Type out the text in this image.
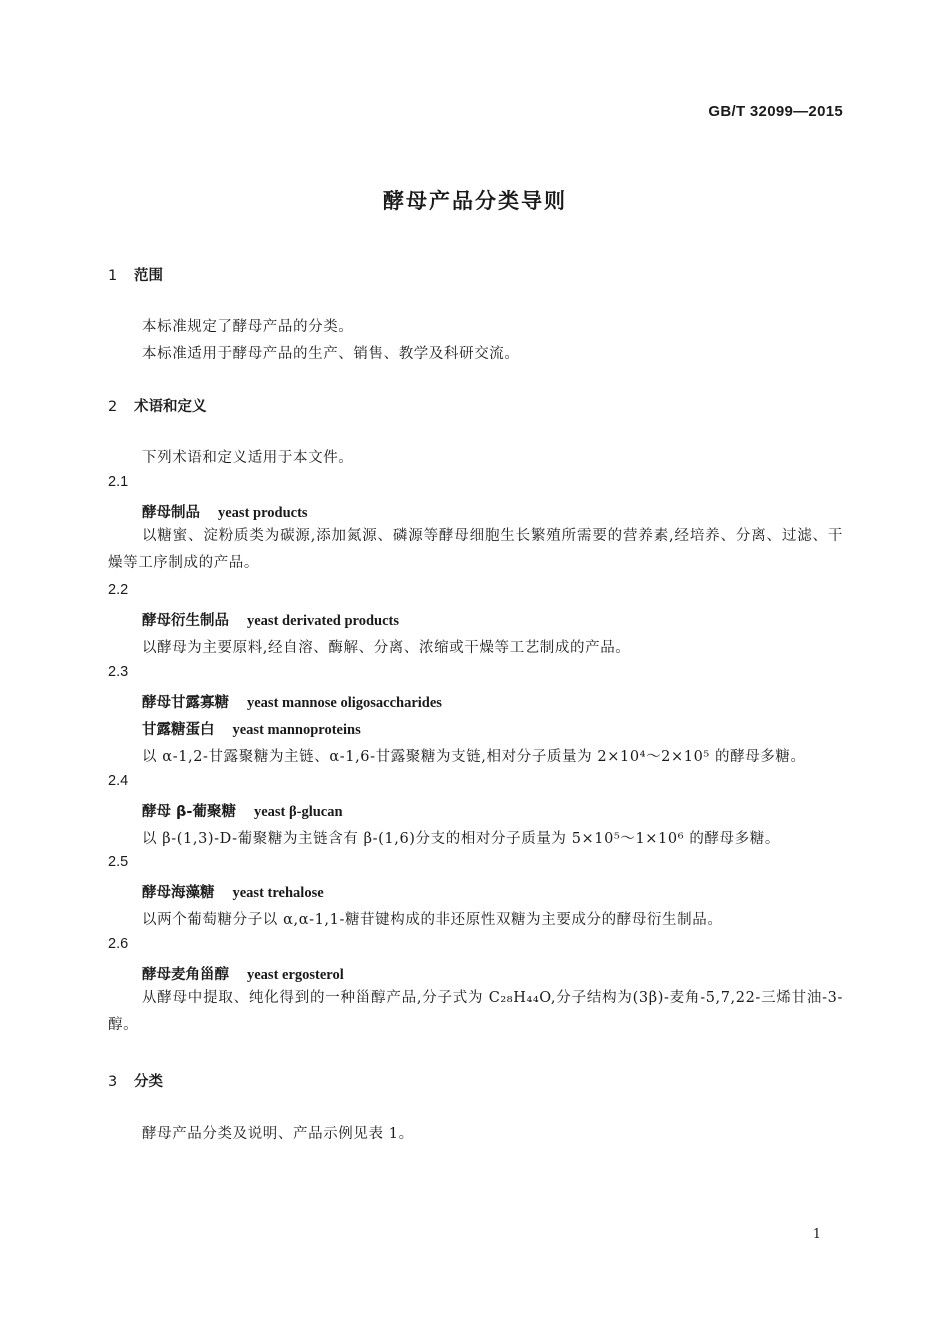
GB/T 32099—2015
酵母产品分类导则
1 范围
本标准规定了酵母产品的分类。
本标准适用于酵母产品的生产、销售、教学及科研交流。
2 术语和定义
下列术语和定义适用于本文件。
2.1
酵母制品 yeast products
以糖蜜、淀粉质类为碳源,添加氮源、磷源等酵母细胞生长繁殖所需要的营养素,经培养、分离、过滤、干燥等工序制成的产品。
2.2
酵母衍生制品 yeast derivated products
以酵母为主要原料,经自溶、酶解、分离、浓缩或干燥等工艺制成的产品。
2.3
酵母甘露寡糖 yeast mannose oligosaccharides
甘露糖蛋白 yeast mannoproteins
以 α-1,2-甘露聚糖为主链、α-1,6-甘露聚糖为支链,相对分子质量为 2×10⁴～2×10⁵ 的酵母多糖。
2.4
酵母 β-葡聚糖 yeast β-glucan
以 β-(1,3)-D-葡聚糖为主链含有 β-(1,6)分支的相对分子质量为 5×10⁵～1×10⁶ 的酵母多糖。
2.5
酵母海藻糖 yeast trehalose
以两个葡萄糖分子以 α,α-1,1-糖苷键构成的非还原性双糖为主要成分的酵母衍生制品。
2.6
酵母麦角甾醇 yeast ergosterol
从酵母中提取、纯化得到的一种甾醇产品,分子式为 C₂₈H₄₄O,分子结构为(3β)-麦角-5,7,22-三烯甘油-3-醇。
3 分类
酵母产品分类及说明、产品示例见表 1。
1
